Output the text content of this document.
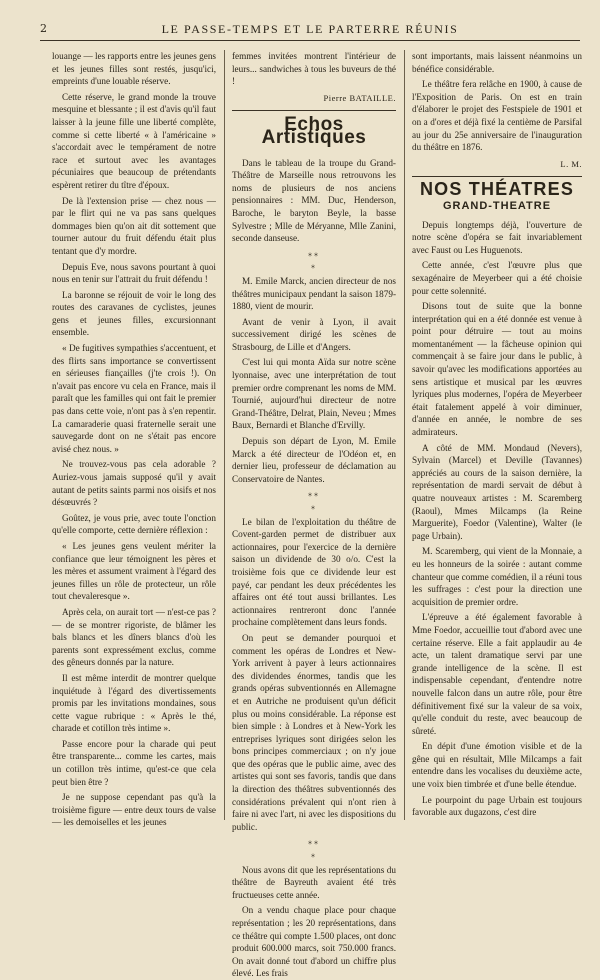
2	LE PASSE-TEMPS ET LE PARTERRE RÉUNIS

louange — les rapports entre les jeunes gens et les jeunes filles sont restés, jusqu'ici, empreints d'une louable réserve.

Cette réserve, le grand monde la trouve mesquine et blessante ; il est d'avis qu'il faut laisser à la jeune fille une liberté complète, comme si cette liberté « à l'américaine » s'accordait avec le tempérament de notre race et surtout avec les avantages pécuniaires que beaucoup de prétendants espèrent retirer du tître d'époux.

De là l'extension prise — chez nous — par le flirt qui ne va pas sans quelques dommages bien qu'on ait dit sottement que tourner autour du fruit défendu était plus tentant que d'y mordre.

Depuis Eve, nous savons pourtant à quoi nous en tenir sur l'attrait du fruit défendu !

La baronne se réjouit de voir le long des routes des caravanes de cyclistes, jeunes gens et jeunes filles, excursionnant ensemble.

« De fugitives sympathies s'accentuent, et des flirts sans importance se convertissent en sérieuses fiançailles (j'te crois !). On n'avait pas encore vu cela en France, mais il paraît que les familles qui ont fait le premier pas dans cette voie, n'ont pas à s'en repentir. La camaraderie quasi fraternelle serait une sauvegarde dont on ne s'était pas encore avisé chez nous. »

Ne trouvez-vous pas cela adorable ? Auriez-vous jamais supposé qu'il y avait autant de petits saints parmi nos oisifs et nos désœuvrés ?

Goûtez, je vous prie, avec toute l'onction qu'elle comporte, cette dernière réflexion :

« Les jeunes gens veulent mériter la confiance que leur témoignent les pères et les mères et assument vraiment à l'égard des jeunes filles un rôle de protecteur, un rôle tout chevaleresque ».

Après cela, on aurait tort — n'est-ce pas ? — de se montrer rigoriste, de blâmer les bals blancs et les dîners blancs d'où les parents sont expressément exclus, comme des gêneurs donnés par la nature.

Il est même interdit de montrer quelque inquiétude à l'égard des divertissements promis par les invitations mondaines, sous cette vague rubrique : « Après le thé, charade et cotillon très intime ».

Passe encore pour la charade qui peut être transparente... comme les cartes, mais un cotillon très intime, qu'est-ce que cela peut bien être ?

Je ne suppose cependant pas qu'à la troisième figure — entre deux tours de valse — les demoiselles et les jeunes

femmes invitées montrent l'intérieur de leurs... sandwiches à tous les buveurs de thé !

Pierre BATAILLE.
Echos Artistiques

Dans le tableau de la troupe du Grand-Théâtre de Marseille nous retrouvons les noms de plusieurs de nos anciens pensionnaires : MM. Duc, Henderson, Baroche, le baryton Beyle, la basse Sylvestre ; Mlle de Méryanne, Mlle Zanini, seconde danseuse.

⁎⁎
⁎

M. Emile Marck, ancien directeur de nos théâtres municipaux pendant la saison 1879-1880, vient de mourir.

Avant de venir à Lyon, il avait successivement dirigé les scènes de Strasbourg, de Lille et d'Angers.

C'est lui qui monta Aïda sur notre scène lyonnaise, avec une interprétation de tout premier ordre comprenant les noms de MM. Tournié, aujourd'hui directeur de notre Grand-Théâtre, Delrat, Plain, Neveu ; Mmes Baux, Bernardi et Blanche d'Ervilly.

Depuis son départ de Lyon, M. Emile Marck a été directeur de l'Odéon et, en dernier lieu, professeur de déclamation au Conservatoire de Nantes.

⁎⁎
⁎

Le bilan de l'exploitation du théâtre de Covent-garden permet de distribuer aux actionnaires, pour l'exercice de la dernière saison un dividende de 30 o/o. C'est la troisième fois que ce dividende leur est payé, car pendant les deux précédentes les affaires ont été tout aussi brillantes. Les actionnaires rentreront donc l'année prochaine complètement dans leurs fonds.

On peut se demander pourquoi et comment les opéras de Londres et New-York arrivent à payer à leurs actionnaires des dividendes énormes, tandis que les grands opéras subventionnés en Allemagne et en Autriche ne produisent qu'un déficit plus ou moins considérable. La réponse est bien simple : à Londres et à New-York les entreprises lyriques sont dirigées selon les bons principes commerciaux ; on n'y joue que des opéras que le public aime, avec des artistes qui sont ses favoris, tandis que dans la direction des théâtres subventionnés des considérations prévalent qui n'ont rien à faire ni avec l'art, ni avec les dispositions du public.

⁎⁎
⁎

Nous avons dit que les représentations du théâtre de Bayreuth avaient été très fructueuses cette année.

On a vendu chaque place pour chaque représentation ; les 20 représentations, dans ce théâtre qui compte 1.500 places, ont donc produit 600.000 marcs, soit 750.000 francs. On avait donné tout d'abord un chiffre plus élevé. Les frais

sont importants, mais laissent néanmoins un bénéfice considérable.

Le théâtre fera relâche en 1900, à cause de l'Exposition de Paris. On est en train d'élaborer le projet des Festspiele de 1901 et on a d'ores et déjà fixé la centième de Parsifal au jour du 25e anniversaire de l'inauguration du théâtre en 1876.

L. M.
NOS THÉATRES
GRAND-THEATRE

Depuis longtemps déjà, l'ouverture de notre scène d'opéra se fait invariablement avec Faust ou Les Huguenots.

Cette année, c'est l'œuvre plus que sexagénaire de Meyerbeer qui a été choisie pour cette solennité.

Disons tout de suite que la bonne interprétation qui en a été donnée est venue à point pour détruire — tout au moins momentanément — la fâcheuse opinion qui commençait à se faire jour dans le public, à savoir qu'avec les modifications apportées au sens artistique et musical par les œuvres lyriques plus modernes, l'opéra de Meyerbeer était fatalement appelé à voir diminuer, d'année en année, le nombre de ses admirateurs.

A côté de MM. Mondaud (Nevers), Sylvain (Marcel) et Deville (Tavannes) appréciés au cours de la saison dernière, la représentation de mardi servait de début à quatre nouveaux artistes : M. Scaremberg (Raoul), Mmes Milcamps (la Reine Marguerite), Foedor (Valentine), Walter (le page Urbain).

M. Scaremberg, qui vient de la Monnaie, a eu les honneurs de la soirée : autant comme chanteur que comme comédien, il a réuni tous les suffrages : c'est pour la direction une acquisition de premier ordre.

L'épreuve a été également favorable à Mme Foedor, accueillie tout d'abord avec une certaine réserve. Elle a fait applaudir au 4e acte, un talent dramatique servi par une grande intelligence de la scène. Il est indispensable cependant, d'entendre notre nouvelle falcon dans un autre rôle, pour être définitivement fixé sur la valeur de sa voix, qu'elle conduit du reste, avec beaucoup de sûreté.

En dépit d'une émotion visible et de la gêne qui en résultait, Mlle Milcamps a fait entendre dans les vocalises du deuxième acte, une voix bien timbrée et d'une belle étendue.

Le pourpoint du page Urbain est toujours favorable aux dugazons, c'est dire
